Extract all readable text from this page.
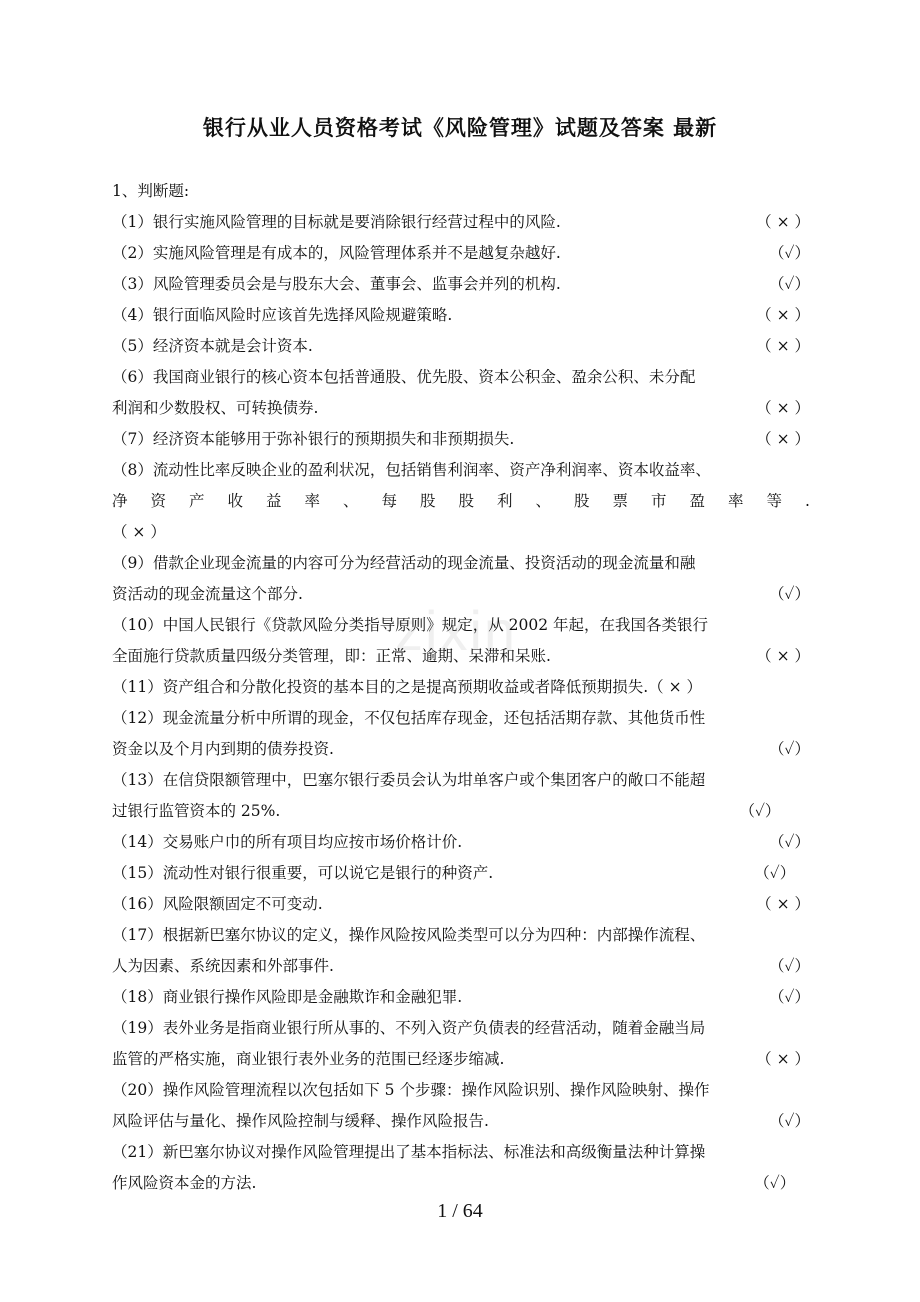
zixin
银行从业人员资格考试《风险管理》试题及答案 最新
1、判断题:
（1）银行实施风险管理的目标就是要消除银行经营过程中的风险.	（ × ）
（2）实施风险管理是有成本的，风险管理体系并不是越复杂越好.	（✓）
（3）风险管理委员会是与股东大会、董事会、监事会并列的机构.	（✓）
（4）银行面临风险时应该首先选择风险规避策略.	（ × ）
（5）经济资本就是会计资本.	（ × ）
（6）我国商业银行的核心资本包括普通股、优先股、资本公积金、盈余公积、未分配
利润和少数股权、可转换债券.	（ × ）
（7）经济资本能够用于弥补银行的预期损失和非预期损失.	（ × ）
（8）流动性比率反映企业的盈利状况，包括销售利润率、资产净利润率、资本收益率、
净 资 产 收 益 率 、 每 股 股 利 、 股 票 市 盈 率 等 .
（ × ）
（9）借款企业现金流量的内容可分为经营活动的现金流量、投资活动的现金流量和融
资活动的现金流量这个部分.	（✓）
（10）中国人民银行《贷款风险分类指导原则》规定，从 2002 年起，在我国各类银行
全面施行贷款质量四级分类管理，即：正常、逾期、呆滞和呆账.	（ × ）
（11）资产组合和分散化投资的基本目的之是提高预期收益或者降低预期损失.（ × ）
（12）现金流量分析中所谓的现金，不仅包括库存现金，还包括活期存款、其他货币性
资金以及个月内到期的债券投资.	（✓）
（13）在信贷限额管理中，巴塞尔银行委员会认为坩单客户或个集团客户的敞口不能超
过银行监管资本的 25%.	（✓）
（14）交易账户巾的所有项目均应按市场价格计价.	（✓）
（15）流动性对银行很重要，可以说它是银行的种资产.	（✓）
（16）风险限额固定不可变动.	（ × ）
（17）根据新巴塞尔协议的定义，操作风险按风险类型可以分为四种：内部操作流程、
人为因素、系统因素和外部事件.	（✓）
（18）商业银行操作风险即是金融欺诈和金融犯罪.	（✓）
（19）表外业务是指商业银行所从事的、不列入资产负债表的经营活动，随着金融当局
监管的严格实施，商业银行表外业务的范围已经逐步缩减.	（ × ）
（20）操作风险管理流程以次包括如下 5 个步骤：操作风险识别、操作风险映射、操作
风险评估与量化、操作风险控制与缓释、操作风险报告.	（✓）
（21）新巴塞尔协议对操作风险管理提出了基本指标法、标准法和高级衡量法种计算操
作风险资本金的方法.	（✓）
1 / 64
